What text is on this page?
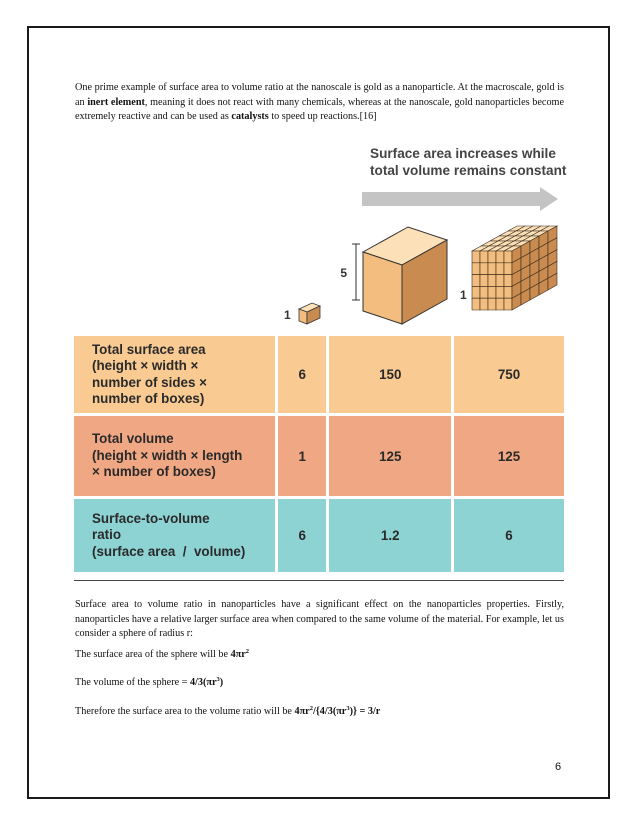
One prime example of surface area to volume ratio at the nanoscale is gold as a nanoparticle. At the macroscale, gold is an inert element, meaning it does not react with many chemicals, whereas at the nanoscale, gold nanoparticles become extremely reactive and can be used as catalysts to speed up reactions.[16]

Surface area increases while
total volume remains constant
1
5
1
Total surface area
(height × width ×
number of sides ×
number of boxes)	6	150	750

Total volume
(height × width × length
× number of boxes)	1	125	125

Surface-to-volume
ratio
(surface area  /  volume)	6	1.2	6

Surface area to volume ratio in nanoparticles have a significant effect on the nanoparticles properties. Firstly, nanoparticles have a relative larger surface area when compared to the same volume of the material. For example, let us consider a sphere of radius r:

The surface area of the sphere will be $4\pi r^2$
The volume of the sphere = $4/3(\pi r^3)$
Therefore the surface area to the volume ratio will be $4\pi r^2/\{4/3(\pi r^3)\} = 3/r$
6
